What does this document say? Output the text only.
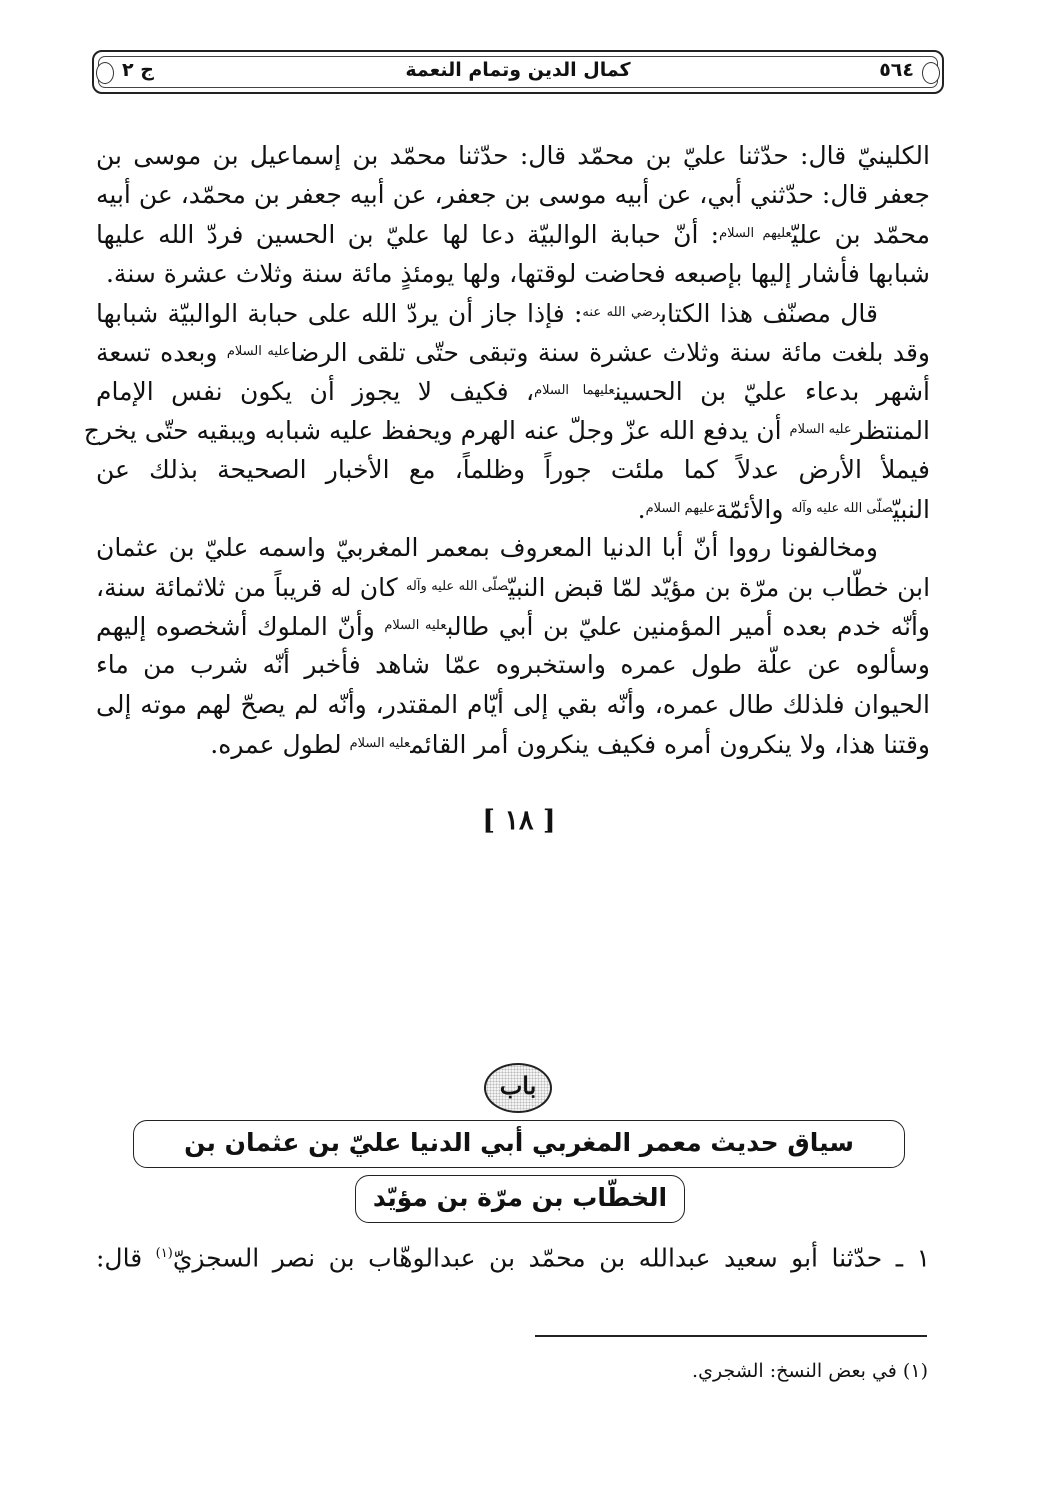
٥٦٤
كمال الدين وتمام النعمة
ج ٢
الكلينيّ قال: حدّثنا عليّ بن محمّد قال: حدّثنا محمّد بن إسماعيل بن موسى بن
جعفر قال: حدّثني أبي، عن أبيه موسى بن جعفر، عن أبيه جعفر بن محمّد، عن أبيه
محمّد بن عليّ$^{عليهم السلام}$: أنّ حبابة الوالبيّة دعا لها عليّ بن الحسين فردّ الله عليها
شبابها فأشار إليها بإصبعه فحاضت لوقتها، ولها يومئذٍ مائة سنة وثلاث عشرة سنة.
قال مصنّف هذا الكتاب$^{رضي الله عنه}$: فإذا جاز أن يردّ الله على حبابة الوالبيّة شبابها
وقد بلغت مائة سنة وثلاث عشرة سنة وتبقى حتّى تلقى الرضا$^{عليه السلام}$ وبعده تسعة
أشهر بدعاء عليّ بن الحسين$^{عليهما السلام}$، فكيف لا يجوز أن يكون نفس الإمام
المنتظر$^{عليه السلام}$ أن يدفع الله عزّ وجلّ عنه الهرم ويحفظ عليه شبابه ويبقيه حتّى يخرج
فيملأ الأرض عدلاً كما ملئت جوراً وظلماً، مع الأخبار الصحيحة بذلك عن
النبيّ$^{صلّى الله عليه وآله}$ والأئمّة$^{عليهم السلام}$.
ومخالفونا رووا أنّ أبا الدنيا المعروف بمعمر المغربيّ واسمه عليّ بن عثمان
ابن خطّاب بن مرّة بن مؤيّد لمّا قبض النبيّ$^{صلّى الله عليه وآله}$ كان له قريباً من ثلاثمائة سنة،
وأنّه خدم بعده أمير المؤمنين عليّ بن أبي طالب$^{عليه السلام}$ وأنّ الملوك أشخصوه إليهم
وسألوه عن علّة طول عمره واستخبروه عمّا شاهد فأخبر أنّه شرب من ماء
الحيوان فلذلك طال عمره، وأنّه بقي إلى أيّام المقتدر، وأنّه لم يصحّ لهم موته إلى
وقتنا هذا، ولا ينكرون أمره فكيف ينكرون أمر القائم$^{عليه السلام}$ لطول عمره.
[ ١٨ ]
باب
سياق حديث معمر المغربي أبي الدنيا عليّ بن عثمان بن
الخطّاب بن مرّة بن مؤيّد
١ ـ حدّثنا أبو سعيد عبدالله بن محمّد بن عبدالوهّاب بن نصر السجزيّ$^{(١)}$ قال:
(١) في بعض النسخ: الشجري.
